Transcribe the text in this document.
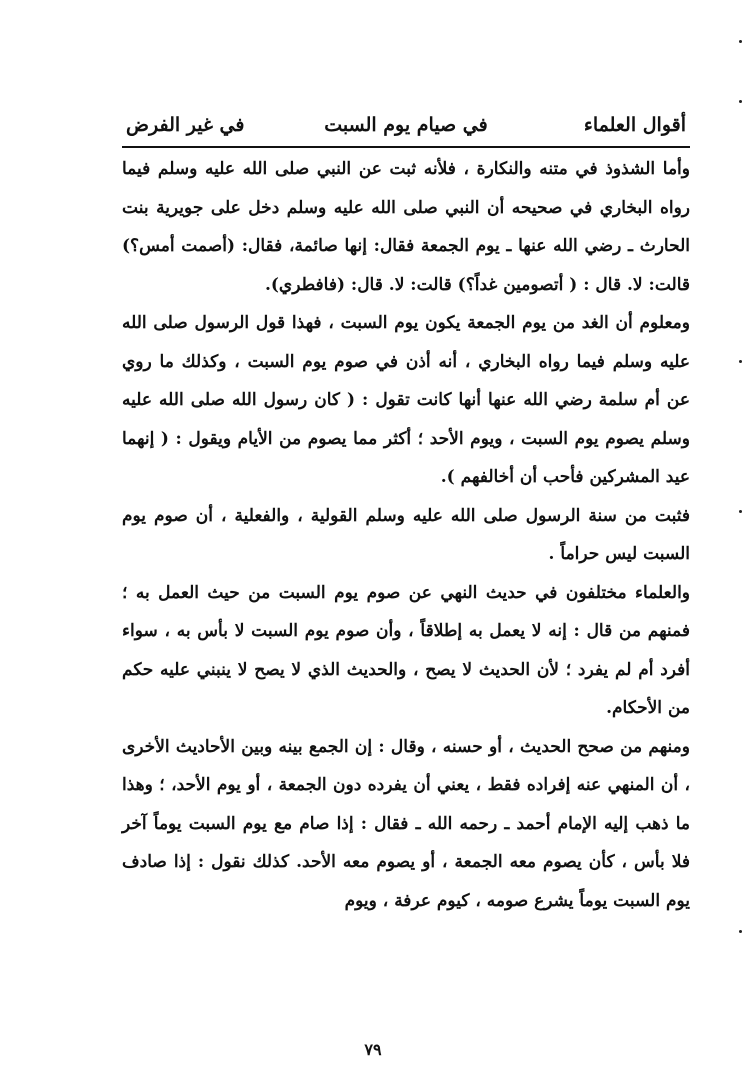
أقوال العلماء
في صيام يوم السبت
في غير الفرض

وأما الشذوذ في متنه والنكارة ، فلأنه ثبت عن النبي صلى الله عليه وسلم فيما رواه البخاري في صحيحه أن النبي صلى الله عليه وسلم دخل على جويرية بنت الحارث ـ رضي الله عنها ـ يوم الجمعة فقال: إنها صائمة، فقال: (أصمت أمس؟) قالت: لا. قال : ( أتصومين غداً؟) قالت: لا. قال: (فافطري).

ومعلوم أن الغد من يوم الجمعة يكون يوم السبت ، فهذا قول الرسول صلى الله عليه وسلم فيما رواه البخاري ، أنه أذن في صوم يوم السبت ، وكذلك ما روي عن أم سلمة رضي الله عنها أنها كانت تقول : ( كان رسول الله صلى الله عليه وسلم يصوم يوم السبت ، ويوم الأحد ؛ أكثر مما يصوم من الأيام ويقول : ( إنهما عيد المشركين فأحب أن أخالفهم ).

فثبت من سنة الرسول صلى الله عليه وسلم القولية ، والفعلية ، أن صوم يوم السبت ليس حراماً .

والعلماء مختلفون في حديث النهي عن صوم يوم السبت من حيث العمل به ؛ فمنهم من قال : إنه لا يعمل به إطلاقاً ، وأن صوم يوم السبت لا بأس به ، سواء أفرد أم لم يفرد ؛ لأن الحديث لا يصح ، والحديث الذي لا يصح لا ينبني عليه حكم من الأحكام.

ومنهم من صحح الحديث ، أو حسنه ، وقال : إن الجمع بينه وبين الأحاديث الأخرى ، أن المنهي عنه إفراده فقط ، يعني أن يفرده دون الجمعة ، أو يوم الأحد، ؛ وهذا ما ذهب إليه الإمام أحمد ـ رحمه الله ـ فقال : إذا صام مع يوم السبت يوماً آخر فلا بأس ، كأن يصوم معه الجمعة ، أو يصوم معه الأحد. كذلك نقول : إذا صادف يوم السبت يوماً يشرع صومه ، كيوم عرفة ، ويوم

٧٩
